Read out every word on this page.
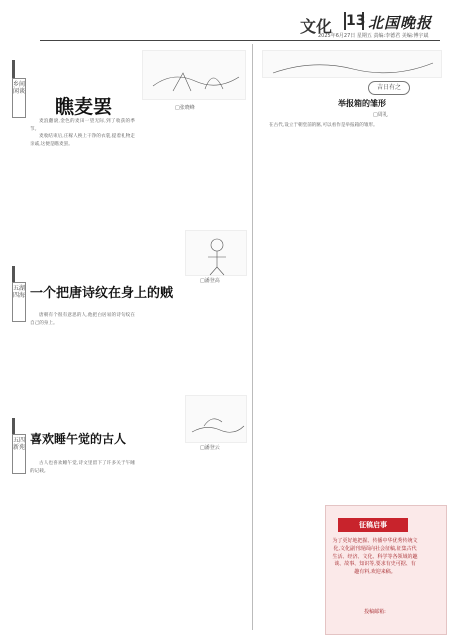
文化 13 北国晚报
2025年6月27日 星期五 责编:李德君 美编:傅宇斌
乡间闲谈
瞧麦罢

麦浪翻滚,金色的麦田一望无际,到了收获的季节。

麦收结束后,庄稼人换上干净的衣裳,提着礼物走亲戚,这便是瞧麦罢。

□张晓峰
五湖四海 一个把唐诗纹在身上的贼

唐朝有个很有意思的人,他把白居易的诗句纹在自己的身上。

□潘登高
五四新苑
喜欢睡午觉的古人

古人也喜欢睡午觉,诗文里留下了许多关于午睡的记载。

□潘登云
吉日有之
举报箱的雏形
□周礼

在古代,设立于朝堂前的匦,可以看作是举报箱的雏形。

征稿启事
为了更好地把握、传播中华优秀传统文化,文化副刊现面向社会征稿,征集古代生活、经济、文化、科学等各领域的趣谈、故事、知识等,要求有史可据、有趣有料,欢迎来稿。
投稿邮箱:
